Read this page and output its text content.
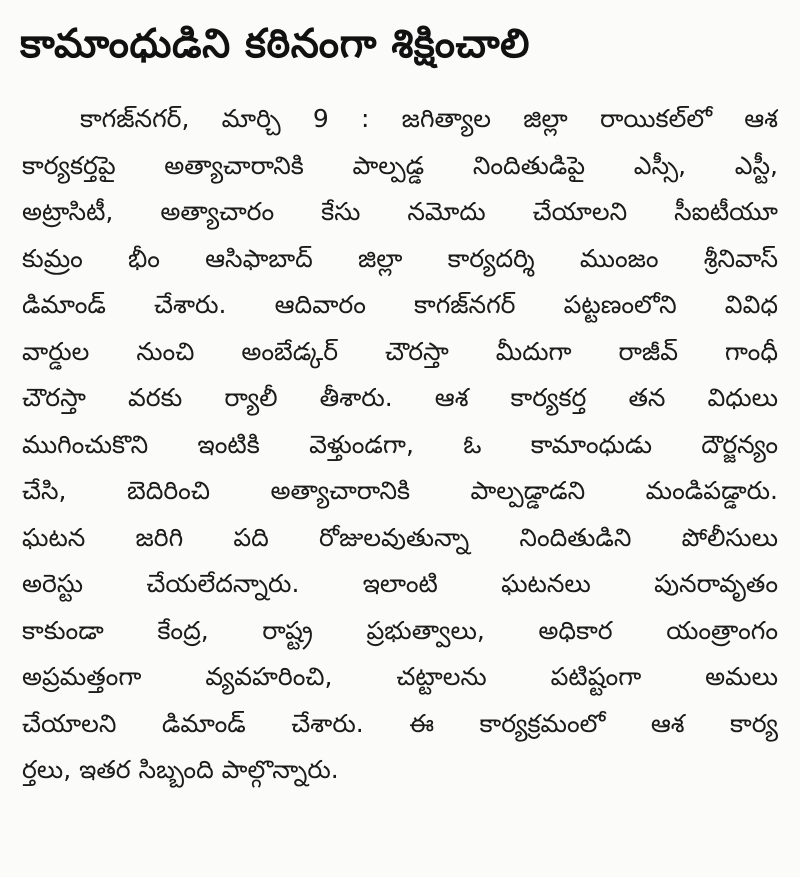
కామాంధుడిని కఠినంగా శిక్షించాలి
కాగజ్‌నగర్‌, మార్చి 9 : జగిత్యాల జిల్లా రాయికల్‌లో ఆశ
కార్యకర్తపై అత్యాచారానికి పాల్పడ్డ నిందితుడిపై ఎస్సీ, ఎస్టీ,
అట్రాసిటీ, అత్యాచారం కేసు నమోదు చేయాలని సీఐటీయూ
కుమ్రం భీం ఆసిఫాబాద్‌ జిల్లా కార్యదర్శి ముంజం శ్రీనివాస్‌
డిమాండ్‌ చేశారు. ఆదివారం కాగజ్‌నగర్‌ పట్టణంలోని వివిధ
వార్డుల నుంచి అంబేడ్కర్‌ చౌరస్తా మీదుగా రాజీవ్‌ గాంధీ
చౌరస్తా వరకు ర్యాలీ తీశారు. ఆశ కార్యకర్త తన విధులు
ముగించుకొని ఇంటికి వెళ్తుండగా, ఓ కామాంధుడు దౌర్జన్యం
చేసి, బెదిరించి అత్యాచారానికి పాల్పడ్డాడని మండిపడ్డారు.
ఘటన జరిగి పది రోజులవుతున్నా నిందితుడిని పోలీసులు
అరెస్టు చేయలేదన్నారు. ఇలాంటి ఘటనలు పునరావృతం
కాకుండా కేంద్ర, రాష్ట్ర ప్రభుత్వాలు, అధికార యంత్రాంగం
అప్రమత్తంగా వ్యవహరించి, చట్టాలను పటిష్టంగా అమలు
చేయాలని డిమాండ్‌ చేశారు. ఈ కార్యక్రమంలో ఆశ కార్య
ర్తలు, ఇతర సిబ్బంది పాల్గొన్నారు.
